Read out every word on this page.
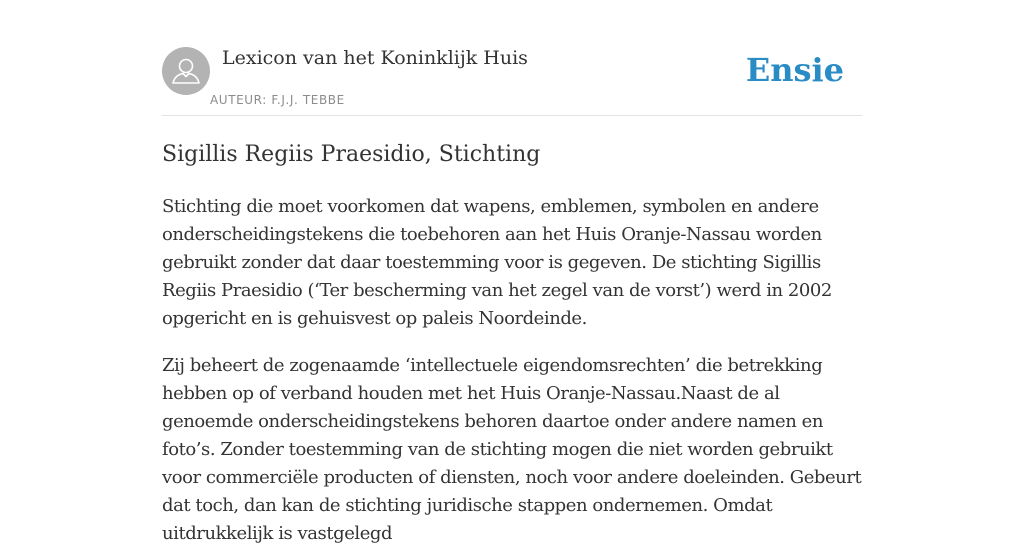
Lexicon van het Koninklijk Huis
AUTEUR: F.J.J. TEBBE
Ensie
Sigillis Regiis Praesidio, Stichting

Stichting die moet voorkomen dat wapens, emblemen, symbolen en andere onderscheidingstekens die toebehoren aan het Huis Oranje-Nassau worden gebruikt zonder dat daar toestemming voor is gegeven. De stichting Sigillis Regiis Praesidio (‘Ter bescherming van het zegel van de vorst’) werd in 2002 opgericht en is gehuisvest op paleis Noordeinde.

Zij beheert de zogenaamde ‘intellectuele eigendomsrechten’ die betrekking hebben op of verband houden met het Huis Oranje-Nassau.Naast de al genoemde onderscheidingstekens behoren daartoe onder andere namen en foto’s. Zonder toestemming van de stichting mogen die niet worden gebruikt voor commerciële producten of diensten, noch voor andere doeleinden. Gebeurt dat toch, dan kan de stichting juridische stappen ondernemen. Omdat uitdrukkelijk is vastgelegd
